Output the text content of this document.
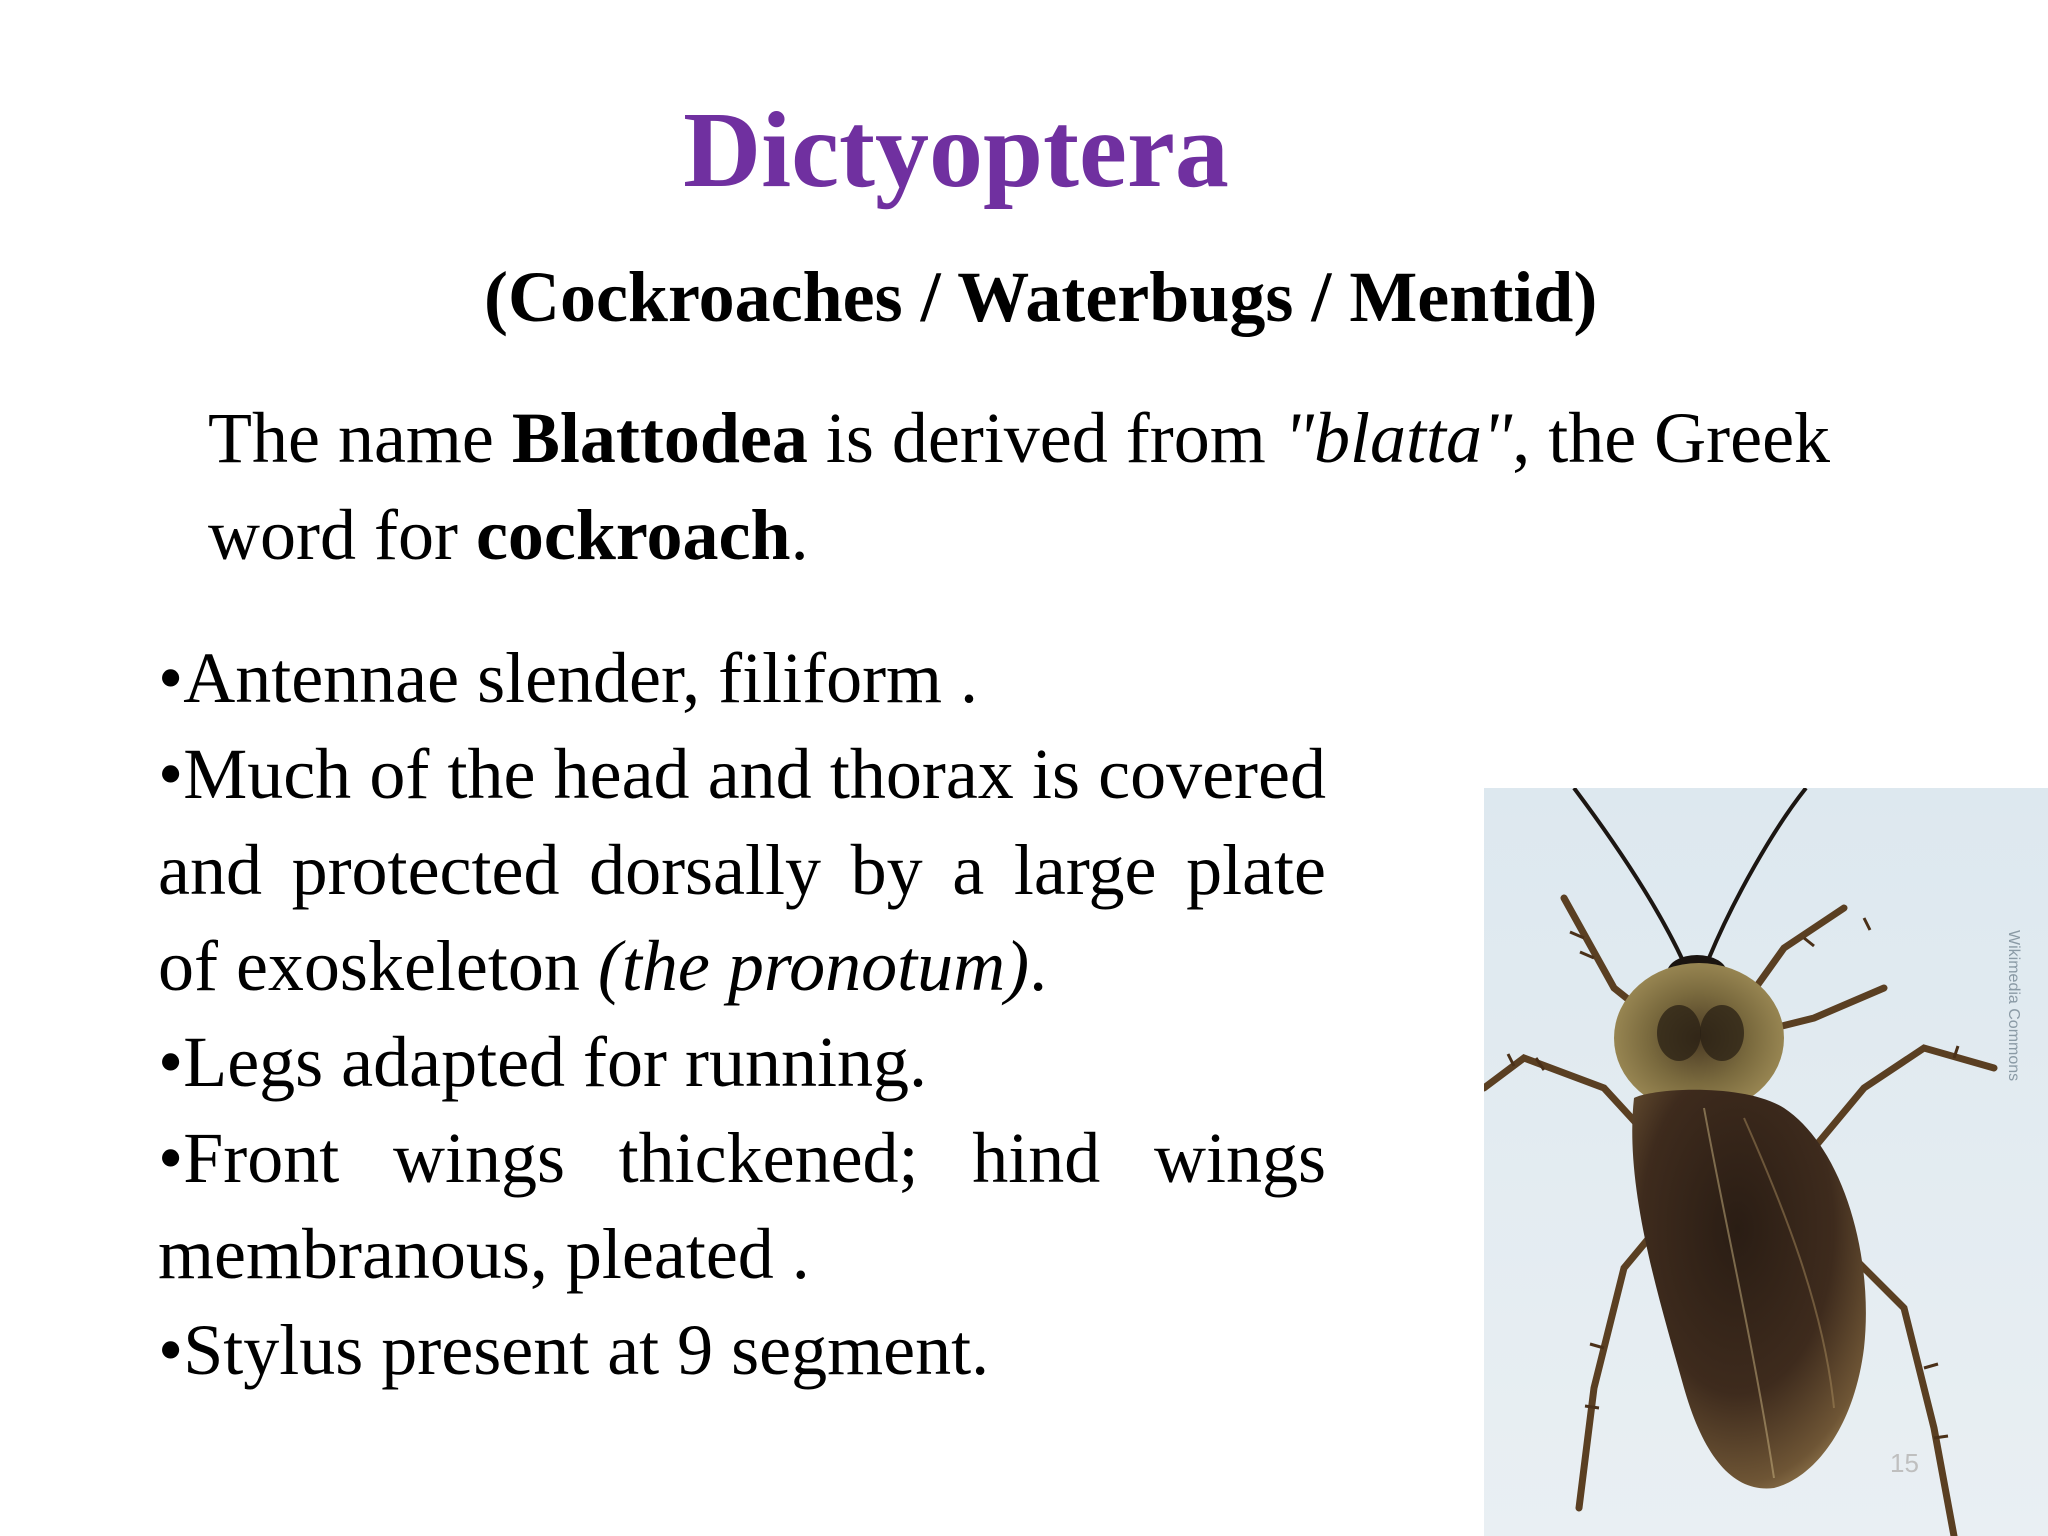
Dictyoptera
(Cockroaches / Waterbugs / Mentid)
The name Blattodea is derived from "blatta", the Greek word for cockroach.

•Antennae slender, filiform .

•Much of the head and thorax is covered and protected dorsally by a large plate of exoskeleton (the pronotum).

•Legs adapted for running.

•Front wings thickened; hind wings membranous, pleated .

•Stylus present at 9 segment.

Wikimedia Commons
15
